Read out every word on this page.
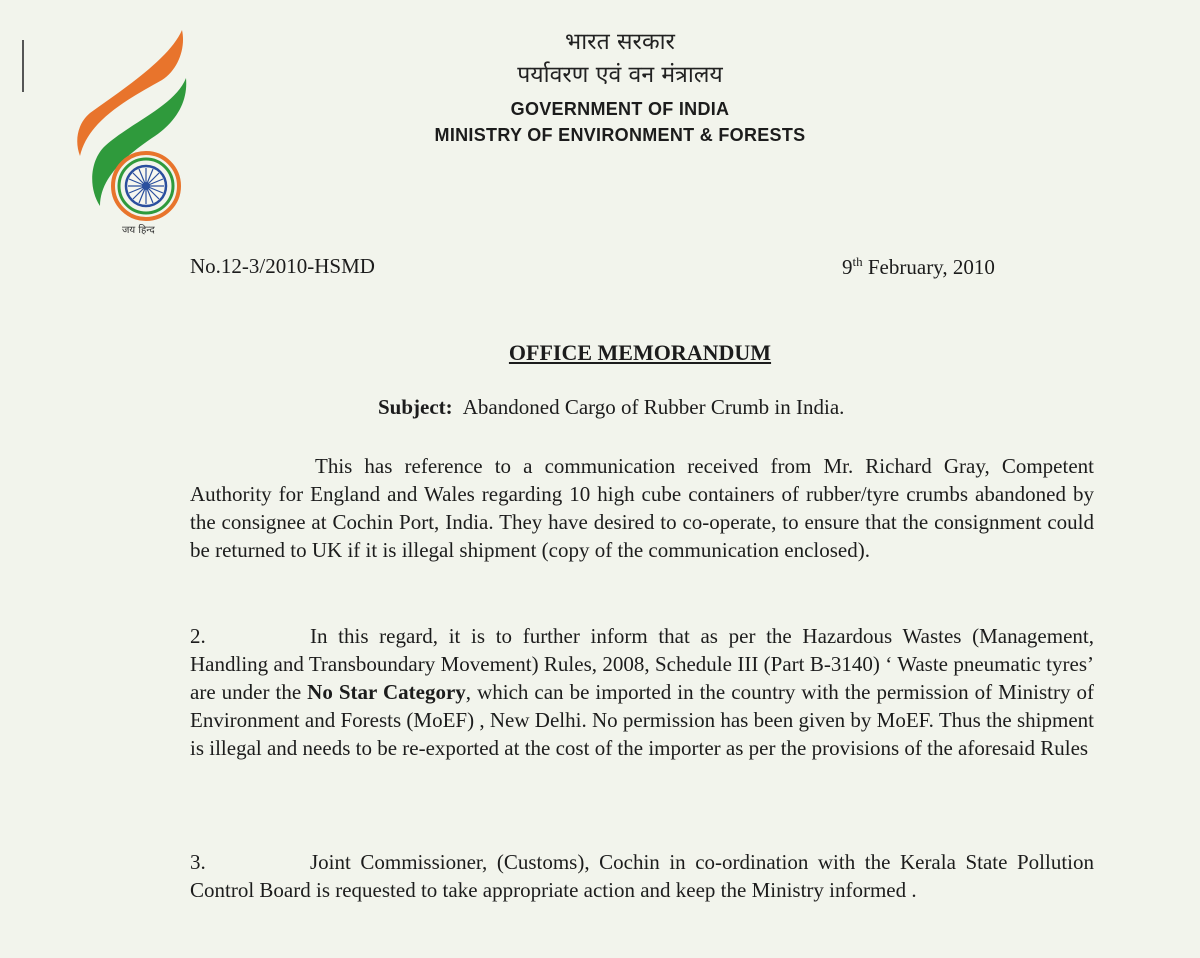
जय हिन्द
भारत सरकार
पर्यावरण एवं वन मंत्रालय
GOVERNMENT OF INDIA
MINISTRY OF ENVIRONMENT & FORESTS
No.12-3/2010-HSMD	9th February, 2010
OFFICE MEMORANDUM
Subject: Abandoned Cargo of Rubber Crumb in India.
This has reference to a communication received from Mr. Richard Gray, Competent Authority for England and Wales regarding 10 high cube containers of rubber/tyre crumbs abandoned by the consignee at Cochin Port, India. They have desired to co-operate, to ensure that the consignment could be returned to UK if it is illegal shipment (copy of the communication enclosed).
2.	In this regard, it is to further inform that as per the Hazardous Wastes (Management, Handling and Transboundary Movement) Rules, 2008, Schedule III (Part B-3140) ‘ Waste pneumatic tyres’ are under the No Star Category, which can be imported in the country with the permission of Ministry of Environment and Forests (MoEF) , New Delhi. No permission has been given by MoEF. Thus the shipment is illegal and needs to be re-exported at the cost of the importer as per the provisions of the aforesaid Rules
3.	Joint Commissioner, (Customs), Cochin in co-ordination with the Kerala State Pollution Control Board is requested to take appropriate action and keep the Ministry informed .
